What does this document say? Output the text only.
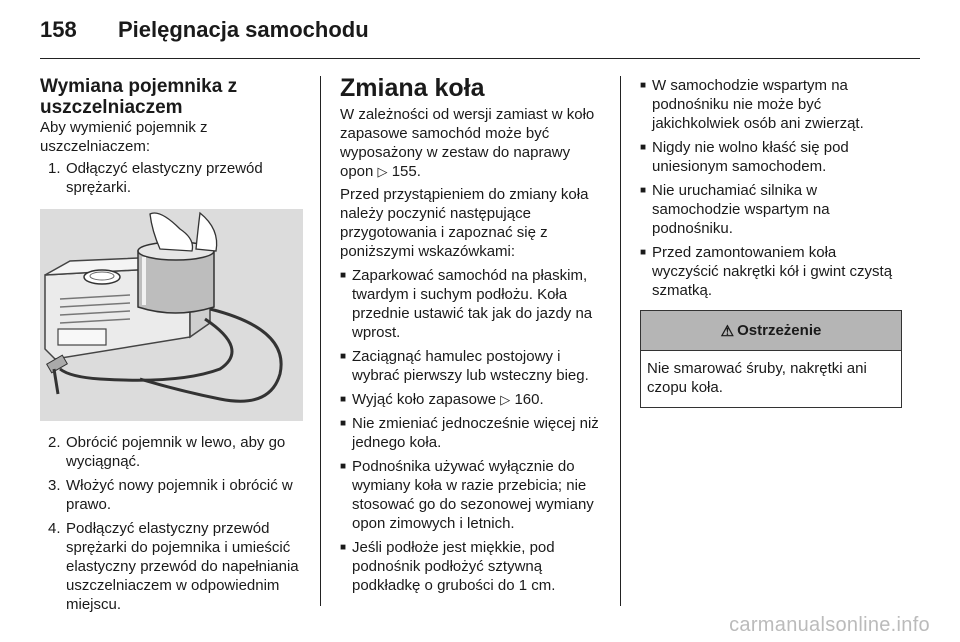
158 Pielęgnacja samochodu
Wymiana pojemnika z uszczelniaczem

Aby wymienić pojemnik z uszczelniaczem:

1. Odłączyć elastyczny przewód sprężarki.
2. Obrócić pojemnik w lewo, aby go wyciągnąć.
3. Włożyć nowy pojemnik i obrócić w prawo.
4. Podłączyć elastyczny przewód sprężarki do pojemnika i umieścić elastyczny przewód do napełniania uszczelniaczem w odpowiednim miejscu.
Zmiana koła

W zależności od wersji zamiast w koło zapasowe samochód może być wyposażony w zestaw do naprawy opon ▷ 155.

Przed przystąpieniem do zmiany koła należy poczynić następujące przygotowania i zapoznać się z poniższymi wskazówkami:

■ Zaparkować samochód na płaskim, twardym i suchym podłożu. Koła przednie ustawić tak jak do jazdy na wprost.
■ Zaciągnąć hamulec postojowy i wybrać pierwszy lub wsteczny bieg.
■ Wyjąć koło zapasowe ▷ 160.
■ Nie zmieniać jednocześnie więcej niż jednego koła.
■ Podnośnika używać wyłącznie do wymiany koła w razie przebicia; nie stosować go do sezonowej wymiany opon zimowych i letnich.
■ Jeśli podłoże jest miękkie, pod podnośnik podłożyć sztywną podkładkę o grubości do 1 cm.
■ W samochodzie wspartym na podnośniku nie może być jakichkolwiek osób ani zwierząt.
■ Nigdy nie wolno kłaść się pod uniesionym samochodem.
■ Nie uruchamiać silnika w samochodzie wspartym na podnośniku.
■ Przed zamontowaniem koła wyczyścić nakrętki kół i gwint czystą szmatką.
⚠ Ostrzeżenie
Nie smarować śruby, nakrętki ani czopu koła.
carmanualsonline.info
